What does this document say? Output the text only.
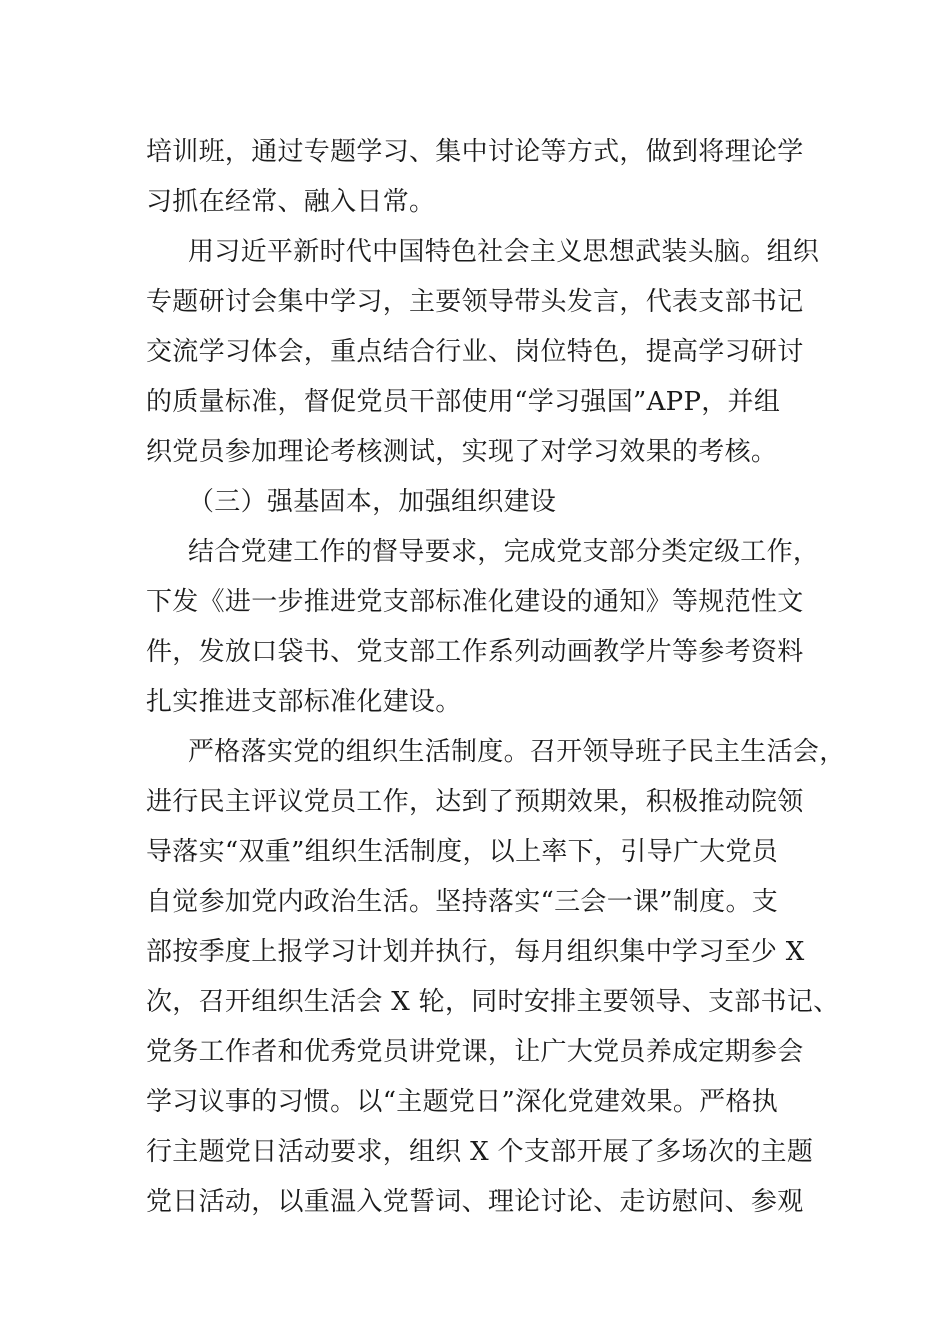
培训班，通过专题学习、集中讨论等方式，做到将理论学
习抓在经常、融入日常。
用习近平新时代中国特色社会主义思想武装头脑。组织
专题研讨会集中学习，主要领导带头发言，代表支部书记
交流学习体会，重点结合行业、岗位特色，提高学习研讨
的质量标准，督促党员干部使用“学习强国”APP，并组
织党员参加理论考核测试，实现了对学习效果的考核。
（三）强基固本，加强组织建设
结合党建工作的督导要求，完成党支部分类定级工作，
下发《进一步推进党支部标准化建设的通知》等规范性文
件，发放口袋书、党支部工作系列动画教学片等参考资料
扎实推进支部标准化建设。
严格落实党的组织生活制度。召开领导班子民主生活会，
进行民主评议党员工作，达到了预期效果，积极推动院领
导落实“双重”组织生活制度，以上率下，引导广大党员
自觉参加党内政治生活。坚持落实“三会一课”制度。支
部按季度上报学习计划并执行，每月组织集中学习至少 X
次，召开组织生活会 X 轮，同时安排主要领导、支部书记、
党务工作者和优秀党员讲党课，让广大党员养成定期参会
学习议事的习惯。以“主题党日”深化党建效果。严格执
行主题党日活动要求，组织 X 个支部开展了多场次的主题
党日活动，以重温入党誓词、理论讨论、走访慰问、参观
